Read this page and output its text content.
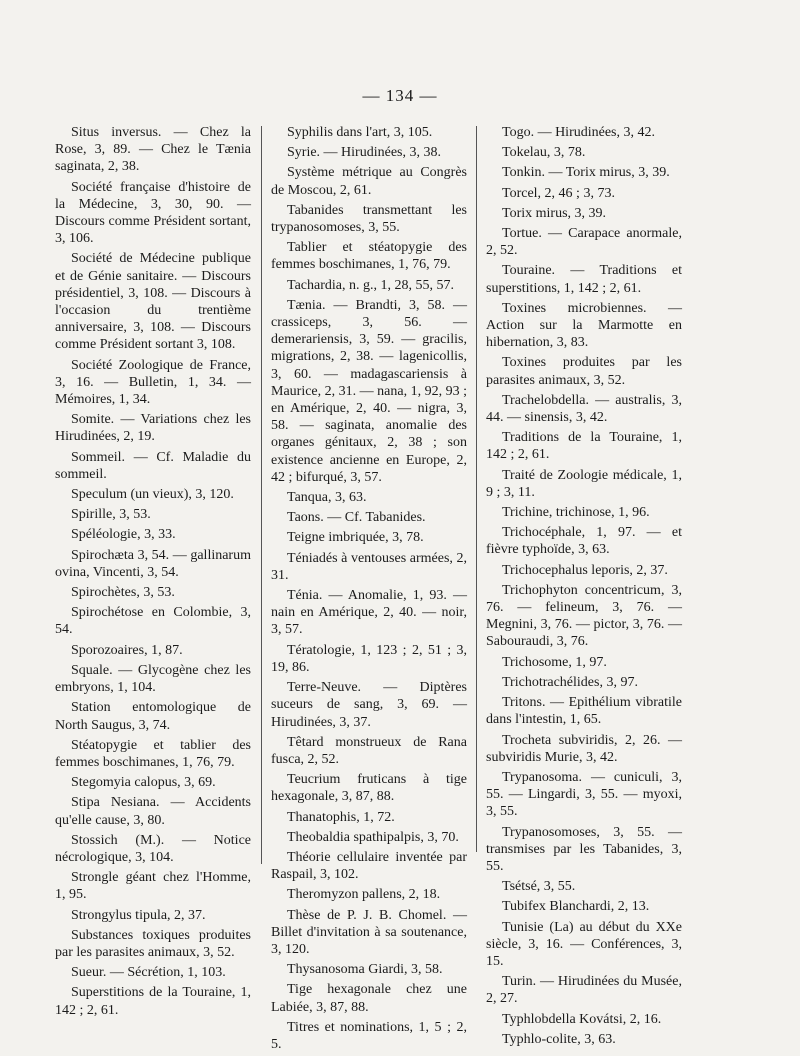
— 134 —

Situs inversus. — Chez la Rose, 3, 89. — Chez le Tænia saginata, 2, 38.

Société française d'histoire de la Médecine, 3, 30, 90. — Discours comme Président sortant, 3, 106.

Société de Médecine publique et de Génie sanitaire. — Discours présidentiel, 3, 108. — Discours à l'occasion du trentième anniversaire, 3, 108. — Discours comme Président sortant 3, 108.

Société Zoologique de France, 3, 16. — Bulletin, 1, 34. — Mémoires, 1, 34.

Somite. — Variations chez les Hirudinées, 2, 19.

Sommeil. — Cf. Maladie du sommeil.

Speculum (un vieux), 3, 120.

Spirille, 3, 53.

Spéléologie, 3, 33.

Spirochæta 3, 54. — gallinarum ovina, Vincenti, 3, 54.

Spirochètes, 3, 53.

Spirochétose en Colombie, 3, 54.

Sporozoaires, 1, 87.

Squale. — Glycogène chez les embryons, 1, 104.

Station entomologique de North Saugus, 3, 74.

Stéatopygie et tablier des femmes boschimanes, 1, 76, 79.

Stegomyia calopus, 3, 69.

Stipa Nesiana. — Accidents qu'elle cause, 3, 80.

Stossich (M.). — Notice nécrologique, 3, 104.

Strongle géant chez l'Homme, 1, 95.

Strongylus tipula, 2, 37.

Substances toxiques produites par les parasites animaux, 3, 52.

Sueur. — Sécrétion, 1, 103.

Superstitions de la Touraine, 1, 142 ; 2, 61.

Syphilis dans l'art, 3, 105.

Syrie. — Hirudinées, 3, 38.

Système métrique au Congrès de Moscou, 2, 61.

Tabanides transmettant les trypanosomoses, 3, 55.

Tablier et stéatopygie des femmes boschimanes, 1, 76, 79.

Tachardia, n. g., 1, 28, 55, 57.

Tænia. — Brandti, 3, 58. — crassiceps, 3, 56. — demerariensis, 3, 59. — gracilis, migrations, 2, 38. — lagenicollis, 3, 60. — madagascariensis à Maurice, 2, 31. — nana, 1, 92, 93 ; en Amérique, 2, 40. — nigra, 3, 58. — saginata, anomalie des organes génitaux, 2, 38 ; son existence ancienne en Europe, 2, 42 ; bifurqué, 3, 57.

Tanqua, 3, 63.

Taons. — Cf. Tabanides.

Teigne imbriquée, 3, 78.

Téniadés à ventouses armées, 2, 31.

Ténia. — Anomalie, 1, 93. — nain en Amérique, 2, 40. — noir, 3, 57.

Tératologie, 1, 123 ; 2, 51 ; 3, 19, 86.

Terre-Neuve. — Diptères suceurs de sang, 3, 69. — Hirudinées, 3, 37.

Têtard monstrueux de Rana fusca, 2, 52.

Teucrium fruticans à tige hexagonale, 3, 87, 88.

Thanatophis, 1, 72.

Theobaldia spathipalpis, 3, 70.

Théorie cellulaire inventée par Raspail, 3, 102.

Theromyzon pallens, 2, 18.

Thèse de P. J. B. Chomel. — Billet d'invitation à sa soutenance, 3, 120.

Thysanosoma Giardi, 3, 58.

Tige hexagonale chez une Labiée, 3, 87, 88.

Titres et nominations, 1, 5 ; 2, 5.

Togo. — Hirudinées, 3, 42.

Tokelau, 3, 78.

Tonkin. — Torix mirus, 3, 39.

Torcel, 2, 46 ; 3, 73.

Torix mirus, 3, 39.

Tortue. — Carapace anormale, 2, 52.

Touraine. — Traditions et superstitions, 1, 142 ; 2, 61.

Toxines microbiennes. — Action sur la Marmotte en hibernation, 3, 83.

Toxines produites par les parasites animaux, 3, 52.

Trachelobdella. — australis, 3, 44. — sinensis, 3, 42.

Traditions de la Touraine, 1, 142 ; 2, 61.

Traité de Zoologie médicale, 1, 9 ; 3, 11.

Trichine, trichinose, 1, 96.

Trichocéphale, 1, 97. — et fièvre typhoïde, 3, 63.

Trichocephalus leporis, 2, 37.

Trichophyton concentricum, 3, 76. — felineum, 3, 76. — Megnini, 3, 76. — pictor, 3, 76. — Sabouraudi, 3, 76.

Trichosome, 1, 97.

Trichotrachélides, 3, 97.

Tritons. — Epithélium vibratile dans l'intestin, 1, 65.

Trocheta subviridis, 2, 26. — subviridis Murie, 3, 42.

Trypanosoma. — cuniculi, 3, 55. — Lingardi, 3, 55. — myoxi, 3, 55.

Trypanosomoses, 3, 55. — transmises par les Tabanides, 3, 55.

Tsétsé, 3, 55.

Tubifex Blanchardi, 2, 13.

Tunisie (La) au début du XXe siècle, 3, 16. — Conférences, 3, 15.

Turin. — Hirudinées du Musée, 2, 27.

Typhlobdella Kovátsi, 2, 16.

Typhlo-colite, 3, 63.
